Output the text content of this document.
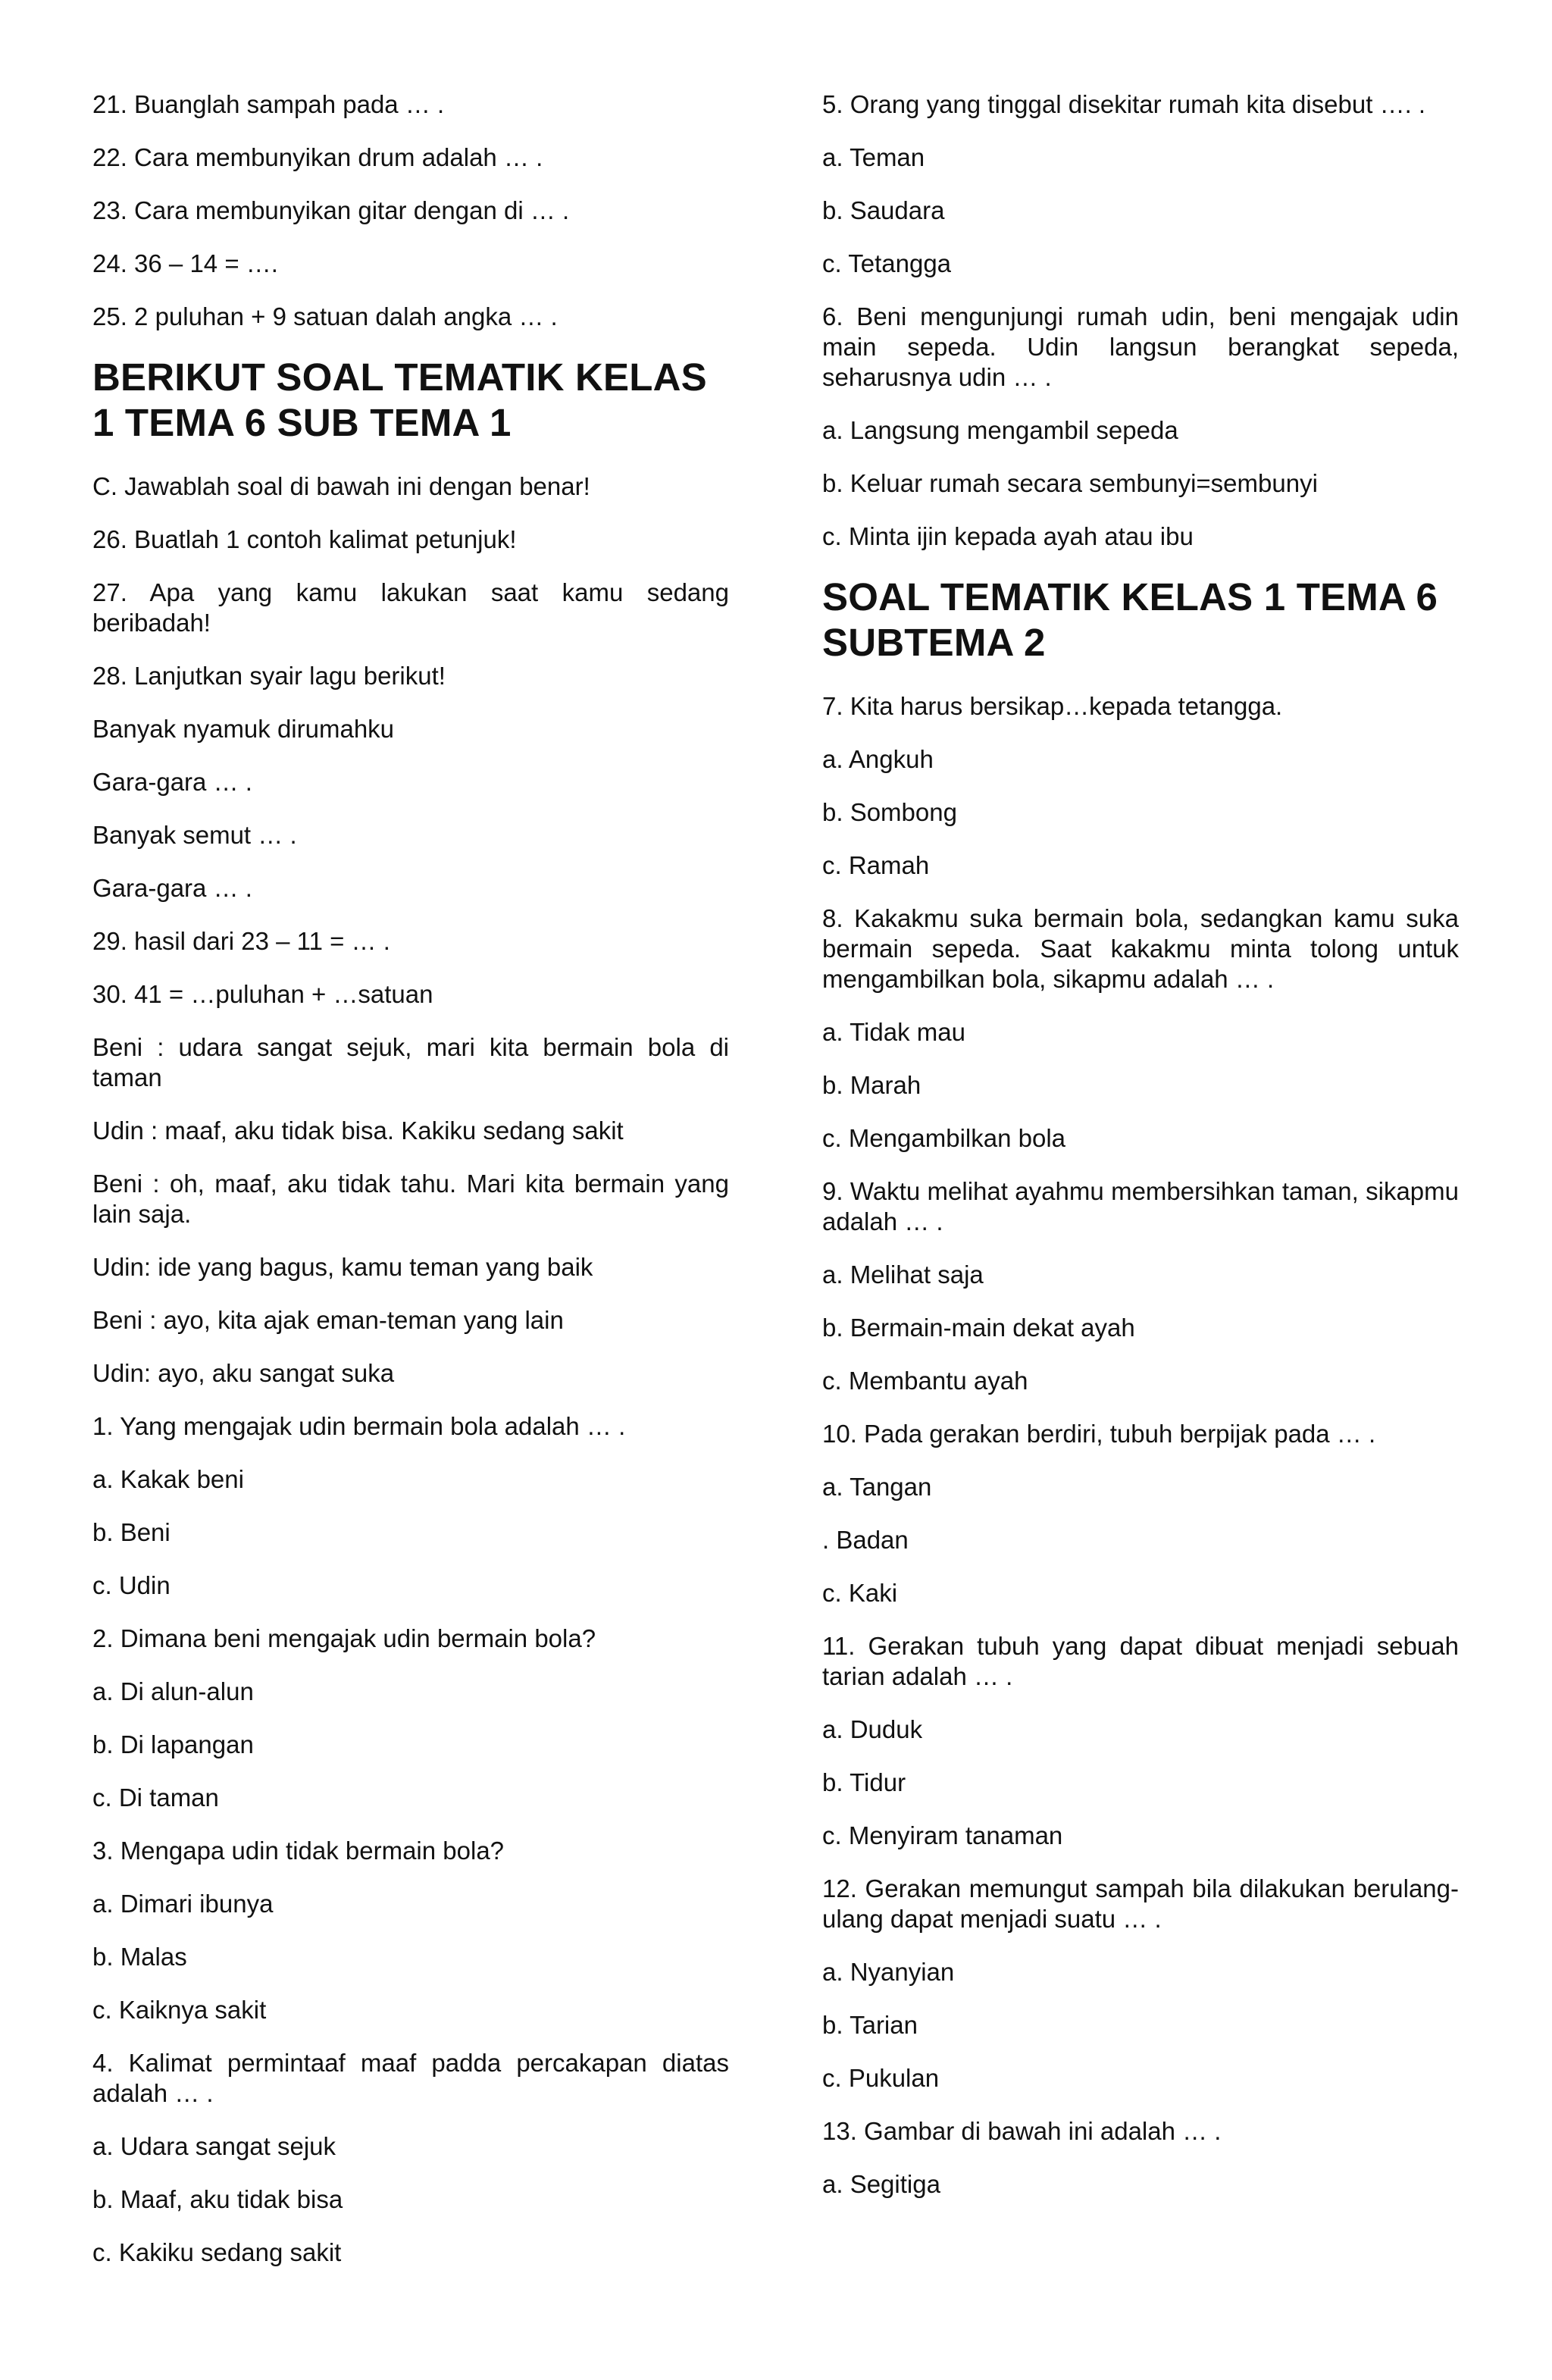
21. Buanglah sampah pada … .

22. Cara membunyikan drum adalah … .

23. Cara membunyikan gitar dengan di … .

24. 36 – 14 = ….

25. 2 puluhan + 9 satuan dalah angka … .

BERIKUT SOAL TEMATIK KELAS 1 TEMA 6 SUB TEMA 1

C. Jawablah soal di bawah ini dengan benar!

26. Buatlah 1 contoh kalimat petunjuk!

27. Apa yang kamu lakukan saat kamu sedang beribadah!

28. Lanjutkan syair lagu berikut!

Banyak nyamuk dirumahku

Gara-gara … .

Banyak semut … .

Gara-gara … .

29. hasil dari 23 – 11 = … .

30. 41 = …puluhan + …satuan

Beni : udara sangat sejuk, mari kita bermain bola di taman

Udin : maaf, aku tidak bisa. Kakiku sedang sakit

Beni : oh, maaf, aku tidak tahu. Mari kita bermain yang lain saja.

Udin: ide yang bagus, kamu teman yang baik

Beni : ayo, kita ajak eman-teman yang lain

Udin: ayo, aku sangat suka

1. Yang mengajak udin bermain bola adalah … .

a. Kakak beni

b. Beni

c. Udin

2. Dimana beni mengajak udin bermain bola?

a. Di alun-alun

b. Di lapangan

c. Di taman

3. Mengapa udin tidak bermain bola?

a. Dimari ibunya

b. Malas

c. Kaiknya sakit

4. Kalimat permintaaf maaf padda percakapan diatas adalah … .

a. Udara sangat sejuk

b. Maaf, aku tidak bisa

c. Kakiku sedang sakit

5. Orang yang tinggal disekitar rumah kita disebut …. .

a. Teman

b. Saudara

c. Tetangga

6. Beni mengunjungi rumah udin, beni mengajak udin main sepeda. Udin langsun berangkat sepeda, seharusnya udin … .

a. Langsung mengambil sepeda

b. Keluar rumah secara sembunyi=sembunyi

c. Minta ijin kepada ayah atau ibu

SOAL TEMATIK KELAS 1 TEMA 6 SUBTEMA 2

7. Kita harus bersikap…kepada tetangga.

a. Angkuh

b. Sombong

c. Ramah

8. Kakakmu suka bermain bola, sedangkan kamu suka bermain sepeda. Saat kakakmu minta tolong untuk mengambilkan bola, sikapmu adalah … .

a. Tidak mau

b. Marah

c. Mengambilkan bola

9. Waktu melihat ayahmu membersihkan taman, sikapmu adalah … .

a. Melihat saja

b. Bermain-main dekat ayah

c. Membantu ayah

10. Pada gerakan berdiri, tubuh berpijak pada … .

a. Tangan

. Badan

c. Kaki

11. Gerakan tubuh yang dapat dibuat menjadi sebuah tarian adalah … .

a. Duduk

b. Tidur

c. Menyiram tanaman

12. Gerakan memungut sampah bila dilakukan berulang-ulang dapat menjadi suatu … .

a. Nyanyian

b. Tarian

c. Pukulan

13. Gambar di bawah ini adalah … .

a. Segitiga
